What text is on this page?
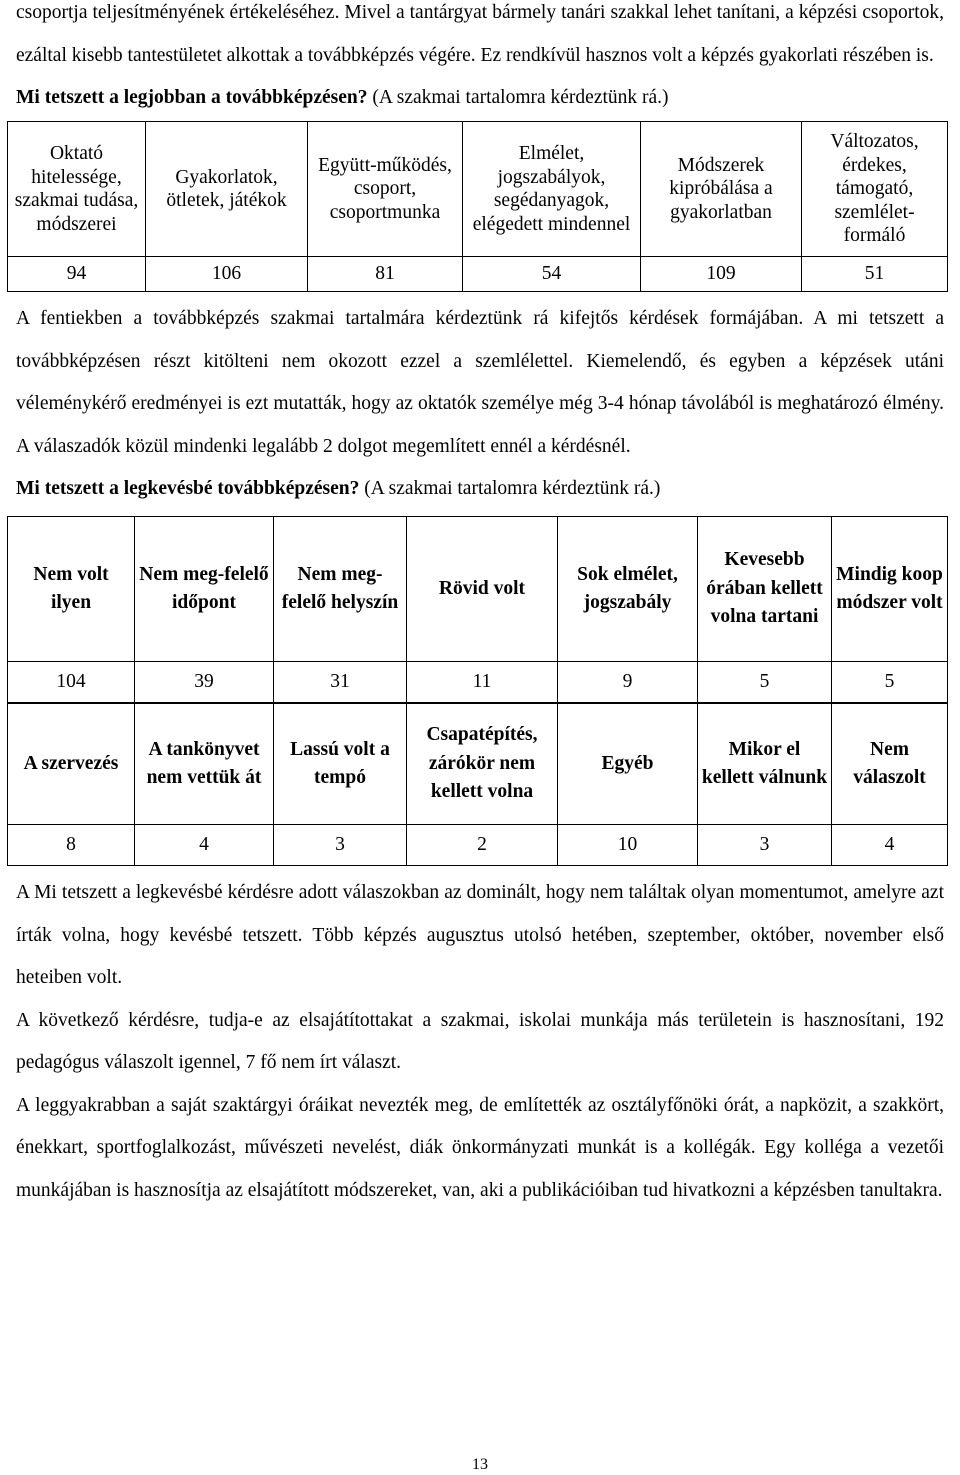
csoportja teljesítményének értékeléséhez. Mivel a tantárgyat bármely tanári szakkal lehet tanítani, a képzési csoportok, ezáltal kisebb tantestületet alkottak a továbbképzés végére. Ez rendkívül hasznos volt a képzés gyakorlati részében is.

Mi tetszett a legjobban a továbbképzésen? (A szakmai tartalomra kérdeztünk rá.)

Oktató hitelessége, szakmai tudása, módszerei	Gyakorlatok, ötletek, játékok	Együtt-működés, csoport, csoportmunka	Elmélet, jogszabályok, segédanyagok, elégedett mindennel	Módszerek kipróbálása a gyakorlatban	Változatos, érdekes, támogató, szemlélet-formáló
94	106	81	54	109	51

A fentiekben a továbbképzés szakmai tartalmára kérdeztünk rá kifejtős kérdések formájában. A mi tetszett a továbbképzésen részt kitölteni nem okozott ezzel a szemlélettel. Kiemelendő, és egyben a képzések utáni véleménykérő eredményei is ezt mutatták, hogy az oktatók személye még 3-4 hónap távolából is meghatározó élmény. A válaszadók közül mindenki legalább 2 dolgot megemlített ennél a kérdésnél.

Mi tetszett a legkevésbé továbbképzésen? (A szakmai tartalomra kérdeztünk rá.)

Nem volt ilyen	Nem meg-felelő időpont	Nem meg-felelő helyszín	Rövid volt	Sok elmélet, jogszabály	Kevesebb órában kellett volna tartani	Mindig koop módszer volt
104	39	31	11	9	5	5
A szervezés	A tankönyvet nem vettük át	Lassú volt a tempó	Csapatépítés, zárókör nem kellett volna	Egyéb	Mikor el kellett válnunk	Nem válaszolt
8	4	3	2	10	3	4

A Mi tetszett a legkevésbé kérdésre adott válaszokban az dominált, hogy nem találtak olyan momentumot, amelyre azt írták volna, hogy kevésbé tetszett. Több képzés augusztus utolsó hetében, szeptember, október, november első heteiben volt.

A következő kérdésre, tudja-e az elsajátítottakat a szakmai, iskolai munkája más területein is hasznosítani, 192 pedagógus válaszolt igennel, 7 fő nem írt választ.

A leggyakrabban a saját szaktárgyi óráikat nevezték meg, de említették az osztályfőnöki órát, a napközit, a szakkört, énekkart, sportfoglalkozást, művészeti nevelést, diák önkormányzati munkát is a kollégák. Egy kolléga a vezetői munkájában is hasznosítja az elsajátított módszereket, van, aki a publikációiban tud hivatkozni a képzésben tanultakra.

13
